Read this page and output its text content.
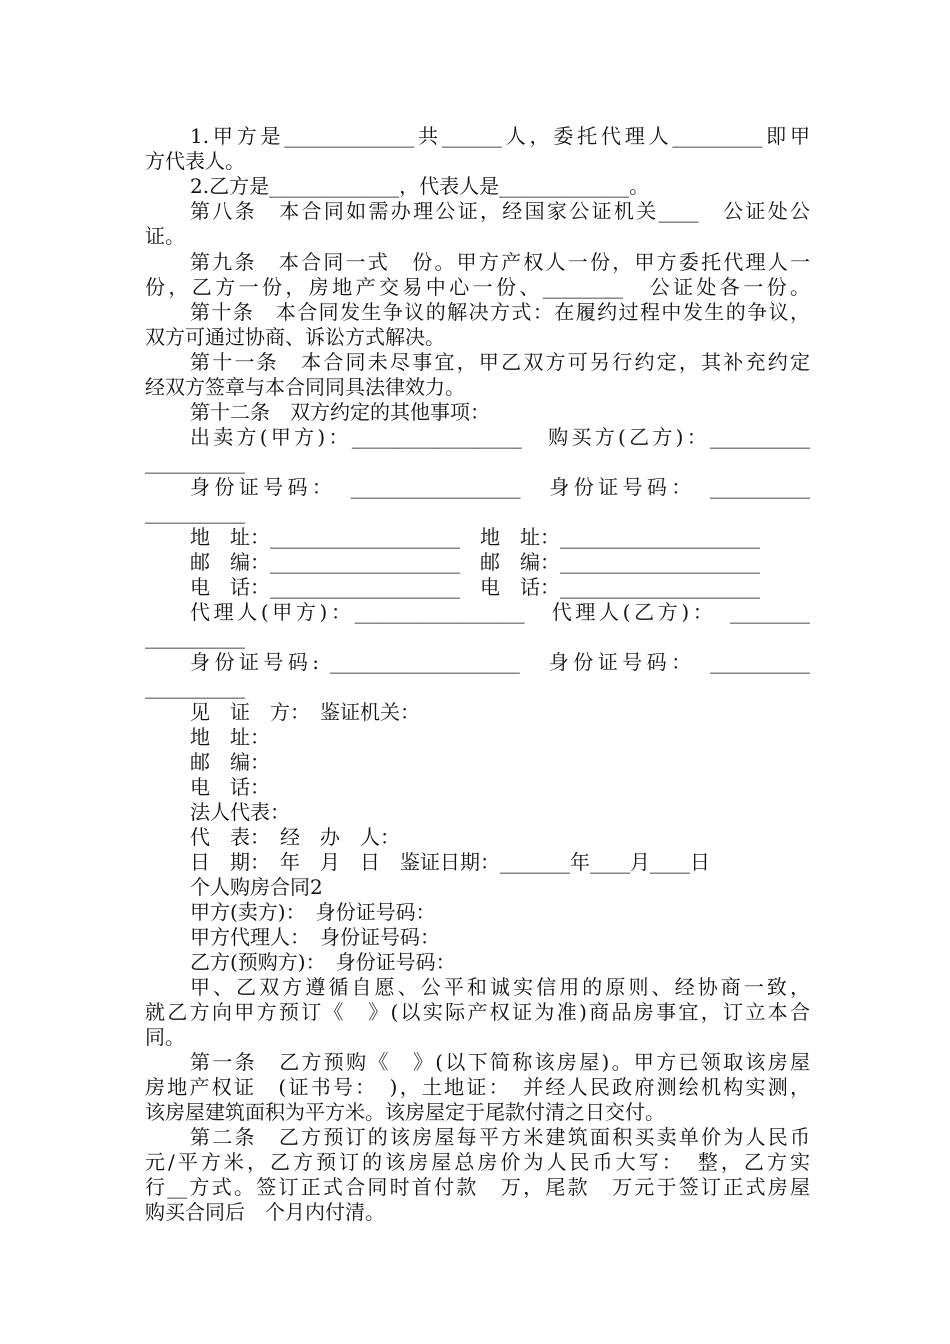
1.甲方是_____________共______人，委托代理人_________即甲
方代表人。
2.乙方是_____________，代表人是_____________。
第八条　本合同如需办理公证，经国家公证机关____　公证处公
证。
第九条　本合同一式　份。甲方产权人一份，甲方委托代理人一
份，乙方一份，房地产交易中心一份、________　公证处各一份。
第十条　本合同发生争议的解决方式：在履约过程中发生的争议，
双方可通过协商、诉讼方式解决。
第十一条　本合同未尽事宜，甲乙双方可另行约定，其补充约定
经双方签章与本合同同具法律效力。
第十二条　双方约定的其他事项：
出卖方(甲方)：_________________　购买方(乙方)：__________
__________
身份证号码：　_________________　身份证号码：　__________
__________
地　址：___________________　地　址：____________________
邮　编：___________________　邮　编：____________________
电　话：___________________　电　话：____________________
代理人(甲方)：_________________　代理人(乙方)：　________
__________
身份证号码: ___________________　身份证号码：　__________
__________
见　证　方：　鉴证机关：
地　址：
邮　编：
电　话：
法人代表：
代　表：　经　办　人：
日　期：　年　月　日　鉴证日期：_______年____月____日
个人购房合同2
甲方(卖方)：　身份证号码：
甲方代理人：　身份证号码：
乙方(预购方)：　身份证号码：
甲、乙双方遵循自愿、公平和诚实信用的原则、经协商一致，
就乙方向甲方预订《　》(以实际产权证为准)商品房事宜，订立本合
同。
第一条　乙方预购《　》(以下简称该房屋)。甲方已领取该房屋
房地产权证　(证书号：　)，土地证：　并经人民政府测绘机构实测，
该房屋建筑面积为平方米。该房屋定于尾款付清之日交付。
第二条　乙方预订的该房屋每平方米建筑面积买卖单价为人民币
元/平方米，乙方预订的该房屋总房价为人民币大写：　整，乙方实
行__方式。签订正式合同时首付款　万，尾款　万元于签订正式房屋
购买合同后　个月内付清。
